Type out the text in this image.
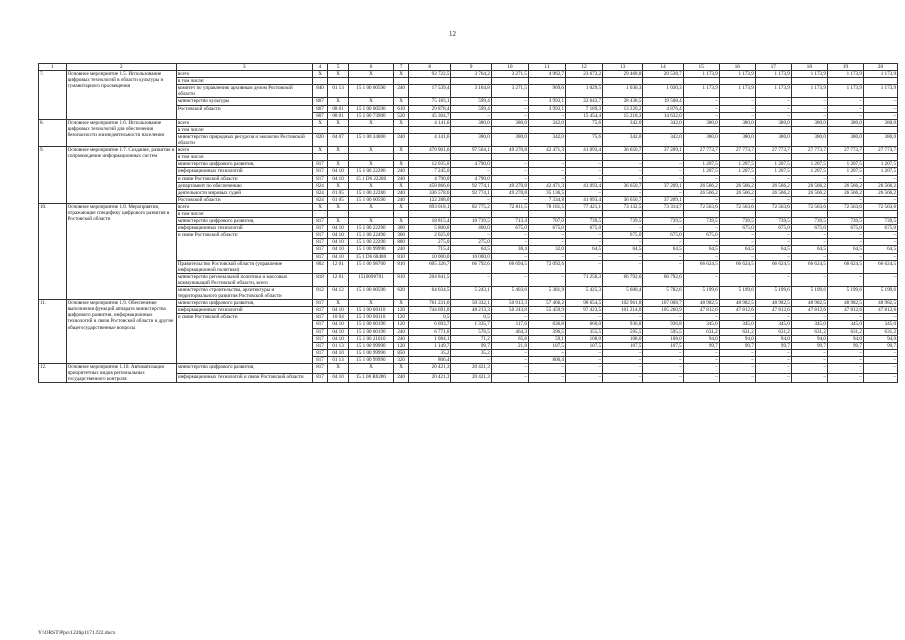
12
1	2	3	4	5	6	7	8	9	10	11	12	13	14	15	16	17	18	19	20
7.	Основное мероприятие 1.5. Использование цифровых технологий в области культуры и гуманитарного просвещения	всего	Х	Х	Х	Х	92 722,5	3 764,2	3 271,5	4 962,7	23 673,2	29 468,8	20 538,7	1 173,9	1 173,9	1 173,9	1 173,9	1 173,9	1 173,9
		в том числе:																	
		комитет по управлению архивным делом Ростовской области	840	01 13	15 1 00 00590	240	17 539,4	3 164,8	3 271,5	969,6	1 029,5	1 030,3	1 030,3	1 173,9	1 173,9	1 173,9	1 173,9	1 173,9	1 173,9
		министерство культуры	807	Х	Х	Х	75 183,1	599,4	–	3 993,1	22 643,7	28 438,5	19 508,4	–	–	–	–	–	–
		Ростовской области	807	08 01	15 1 00 00590	610	29 878,4	599,4	–	3 993,1	7 189,3	13 220,2	4 876,4	–	–	–	–	–	–
			807	08 01	15 1 00 73900	520	45 304,7	–	–	–	15 454,4	15 218,3	14 632,0	–	–	–	–	–	–
8.	Основное мероприятие 1.6. Использование цифровых технологий для обеспечения безопасности жизнедеятельности населения	всего	Х	Х	Х	Х	4 141,6	380,0	380,0	342,0	75,6	342,0	342,0	380,0	380,0	380,0	380,0	380,0	380,0
		в том числе:																	
		министерство природных ресурсов и экологии Ростовской области	820	04 07	15 1 00 24000	240	4 141,6	380,0	380,0	342,0	75,6	342,0	342,0	380,0	380,0	380,0	380,0	380,0	380,0
9.	Основное мероприятие 1.7. Создание, развитие и сопровождение информационных систем	всего	Х	Х	Х	Х	470 901,6	97 564,1	49 270,8	42 471,3	41 093,4	36 650,7	37 209,1	27 773,7	27 773,7	27 773,7	27 773,7	27 773,7	27 773,7
		в том числе:																	
		министерство цифрового развития,	817	Х	Х	Х	12 035,0	4 790,0	–	–	–	–	–	1 207,5	1 207,5	1 207,5	1 207,5	1 207,5	1 207,5
		информационных технологий	817	04 10	15 1 00 22280	240	7 245,0	–	–	–	–	–	–	1 207,5	1 207,5	1 207,5	1 207,5	1 207,5	1 207,5
		и связи Ростовской области	817	04 10	15 1 D6 22280	240	4 790,0	4 790,0	–	–	–	–	–	–	–	–	–	–	–
		департамент по обеспечению	824	Х	Х	Х	458 866,6	92 774,1	49 270,8	42 471,3	41 093,4	36 650,7	37 209,1	26 566,2	26 566,2	26 566,2	26 566,2	26 566,2	26 566,2
		деятельности мировых судей	824	01 05	15 1 00 22280	240	336 578,6	92 774,1	49 270,8	35 136,5	–	–	–	26 566,2	26 566,2	26 566,2	26 566,2	26 566,2	26 566,2
		Ростовской области	824	01 05	15 1 00 00590	240	122 288,0	–	–	7 334,8	41 093,4	36 650,7	37 209,1	–	–	–	–	–	–
10.	Основное мероприятие 1.8. Мероприятия, отражающие специфику цифрового развития в Ростовской области	всего	Х	Х	Х	Х	893 018,1	82 775,2	72 811,5	78 181,5	77 421,1	73 132,5	73 314,7	72 563,6	72 563,6	72 563,6	72 563,6	72 563,6	72 563,6
		в том числе:																	
		министерство цифрового развития,	817	Х	Х	Х	18 815,4	10 739,5	713,4	707,0	739,5	739,5	739,5	739,5	739,5	739,5	739,5	739,5	739,5
		информационных технологий	817	04 10	15 1 00 22290	360	5 800,0	400,0	675,0	675,0	675,0	–	–	–	675,0	675,0	675,0	675,0	675,0
		и связи Ростовской области	817	04 10	15 1 00 22490	360	2 025,0	–	–	–	–	675,0	675,0	675,0	–	–	–	–	–
			817	04 10	15 1 00 22290	880	275,0	275,0	–	–	–	–	–	–	–	–	–	–	–
			817	04 10	15 1 00 99990	240	715,4	64,5	38,4	32,0	64,5	64,5	64,5	64,5	64,5	64,5	64,5	64,5	64,5
			817	04 10	15 1 D6 68480	810	10 000,0	10 000,0	–	–	–	–	–	–	–	–	–	–	–
		Правительство Ростовской области (управление информационной политики)	802	12 01	15 1 00 98700	810	605 326,7	66 792,6	66 694,5	72 092,6	–	–	–	66 624,5	66 624,5	66 624,5	66 624,5	66 624,5	66 624,5
		министерство региональной политики и массовых коммуникаций Ростовской области, всего	818	12 01	1510098701	810	204 841,5	–	–	–	71 256,3	66 792,6	66 792,6	–	–	–	–	–	–
		министерство строительства, архитектуры и территориального развития Ростовской области	812	04 12	15 1 00 00590	620	64 034,5	5 243,1	5 403,6	5 381,9	5 425,3	5 600,4	5 782,6	5 199,6	5 199,6	5 199,6	5 199,6	5 199,6	5 199,6
11.	Основное мероприятие 1.9. Обеспечение выполнения функций аппарата министерства цифрового развития, информационных технологий и связи Ростовской области и другие общегосударственные вопросы	министерство цифрового развития,	817	Х	Х	Х	761 231,6	50 332,1	50 913,3	57 466,2	98 654,5	102 961,8	107 008,7	48 982,5	48 982,5	48 982,5	48 982,5	48 982,5	48 982,5
		информационных технологий	817	04 10	15 1 00 00110	120	744 691,0	48 213,3	50 243,8	55 459,9	97 423,5	101 214,0	105 260,9	47 812,6	47 812,6	47 812,6	47 812,6	47 812,6	47 812,6
		и связи Ростовской области	817	10 04	15 1 00 00110	120	0,5	0,5	–	–	–	–	–	–	–	–	–	–	–
			817	04 10	15 1 00 00190	120	6 693,7	1 335,7	117,6	636,8	660,0	936,8	936,8	345,0	345,0	345,0	345,0	345,0	345,0
			817	04 10	15 1 00 00190	240	6 771,0	576,5	464,3	396,5	355,5	595,5	595,5	631,2	631,2	631,2	631,2	631,2	631,2
			817	04 10	15 1 00 21010	240	1 084,1	71,2	65,8	59,1	108,0	108,0	108,0	94,0	94,0	94,0	94,0	94,0	94,0
			817	01 13	15 1 00 99990	120	1 149,7	99,7	21,8	107,5	107,5	107,5	107,5	99,7	99,7	99,7	99,7	99,7	99,7
			817	04 10	15 1 00 99990	850	35,2	35,2	–	–	–	–	–	–	–	–	–	–	–
			817	01 13	15 1 00 99990	320	806,4	–	–	806,4	–	–	–	–	–	–	–	–	–
12.	Основное мероприятие 1.10. Автоматизация приоритетных видов региональных государственного контроля	министерство цифрового развития,	817	Х	Х	Х	20 421,3	20 421,3	–	–	–	–	–	–	–	–	–	–	–
		информационных технологий и связи Ростовской области	817	04 10	15 1 00 R0280	240	20 421,3	20 421,3	–	–	–	–	–	–	–	–	–	–	–
Y:\ORST\Ppo\1226p1171.f22.docx
